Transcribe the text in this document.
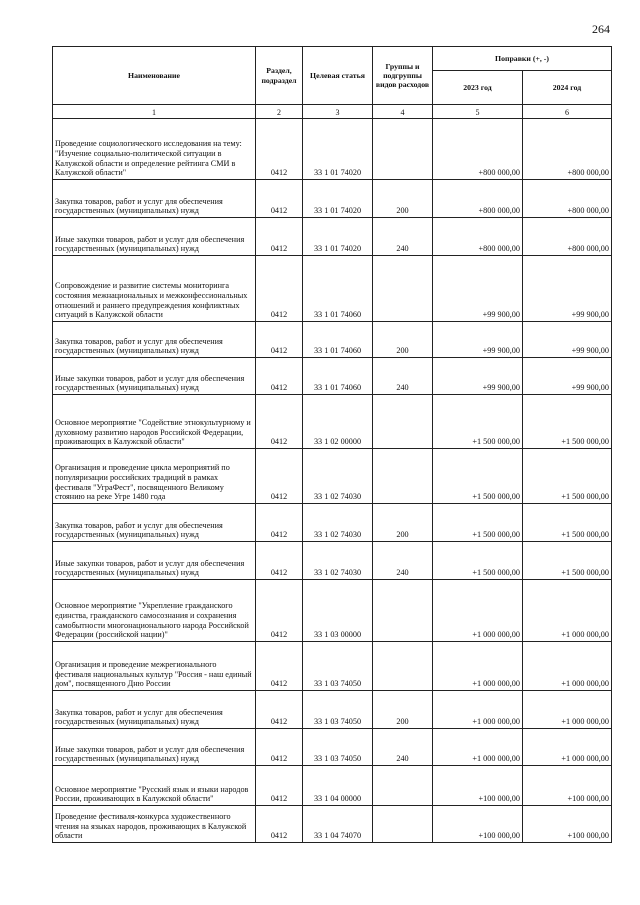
264
Наименование	Раздел, подраздел	Целевая статья	Группы и подгруппы видов расходов	Поправки (+, -)	
				2023 год	2024 год
1	2	3	4	5	6
Проведение социологического исследования на тему: "Изучение социально-политической ситуации в Калужской области и определение рейтинга СМИ в Калужской области"	0412	33 1 01 74020		+800 000,00	+800 000,00
Закупка товаров, работ и услуг для обеспечения государственных (муниципальных) нужд	0412	33 1 01 74020	200	+800 000,00	+800 000,00
Иные закупки товаров, работ и услуг для обеспечения государственных (муниципальных) нужд	0412	33 1 01 74020	240	+800 000,00	+800 000,00
Сопровождение и развитие системы мониторинга состояния межнациональных и межконфессиональных отношений и раннего предупреждения конфликтных ситуаций в Калужской области	0412	33 1 01 74060		+99 900,00	+99 900,00
Закупка товаров, работ и услуг для обеспечения государственных (муниципальных) нужд	0412	33 1 01 74060	200	+99 900,00	+99 900,00
Иные закупки товаров, работ и услуг для обеспечения государственных (муниципальных) нужд	0412	33 1 01 74060	240	+99 900,00	+99 900,00
Основное мероприятие "Содействие этнокультурному и духовному развитию народов Российской Федерации, проживающих в Калужской области"	0412	33 1 02 00000		+1 500 000,00	+1 500 000,00
Организация и проведение цикла мероприятий по популяризации российских традиций в рамках фестиваля "УграФест", посвященного Великому стоянию на реке Угре 1480 года	0412	33 1 02 74030		+1 500 000,00	+1 500 000,00
Закупка товаров, работ и услуг для обеспечения государственных (муниципальных) нужд	0412	33 1 02 74030	200	+1 500 000,00	+1 500 000,00
Иные закупки товаров, работ и услуг для обеспечения государственных (муниципальных) нужд	0412	33 1 02 74030	240	+1 500 000,00	+1 500 000,00
Основное мероприятие "Укрепление гражданского единства, гражданского самосознания и сохранения самобытности многонационального народа Российской Федерации (российской нации)"	0412	33 1 03 00000		+1 000 000,00	+1 000 000,00
Организация и проведение межрегионального фестиваля национальных культур "Россия - наш единый дом", посвященного Дню России	0412	33 1 03 74050		+1 000 000,00	+1 000 000,00
Закупка товаров, работ и услуг для обеспечения государственных (муниципальных) нужд	0412	33 1 03 74050	200	+1 000 000,00	+1 000 000,00
Иные закупки товаров, работ и услуг для обеспечения государственных (муниципальных) нужд	0412	33 1 03 74050	240	+1 000 000,00	+1 000 000,00
Основное мероприятие "Русский язык и языки народов России, проживающих в Калужской области"	0412	33 1 04 00000		+100 000,00	+100 000,00
Проведение фестиваля-конкурса художественного чтения на языках народов, проживающих в Калужской области	0412	33 1 04 74070		+100 000,00	+100 000,00
